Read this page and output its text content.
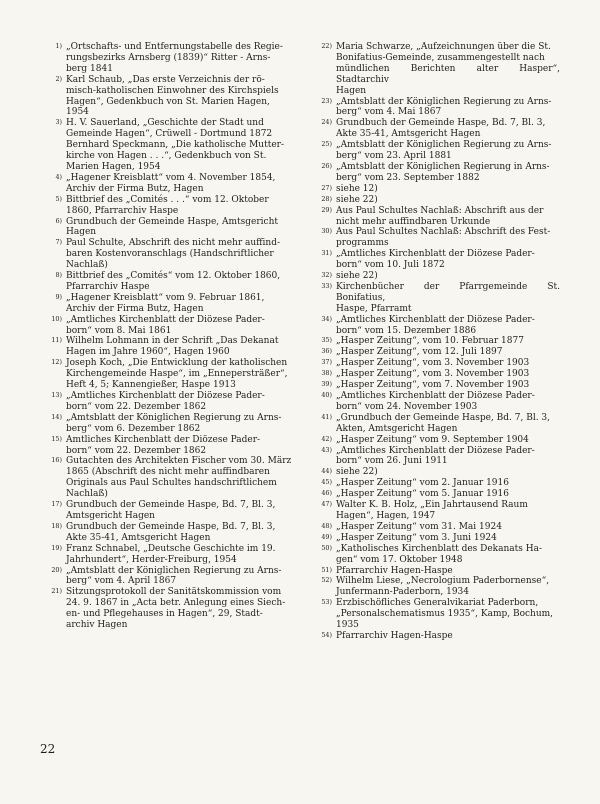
1) „Ortschafts- und Entfernungstabelle des Regie-
rungsbezirks Arnsberg (1839)“ Ritter - Arns-
berg 1841
2) Karl Schaub, „Das erste Verzeichnis der rö-
misch-katholischen Einwohner des Kirchspiels
Hagen“, Gedenkbuch von St. Marien Hagen,
1954
3) H. V. Sauerland, „Geschichte der Stadt und
Gemeinde Hagen“, Crüwell - Dortmund 1872
Bernhard Speckmann, „Die katholische Mutter-
kirche von Hagen . . .“, Gedenkbuch von St.
Marien Hagen, 1954
4) „Hagener Kreisblatt“ vom 4. November 1854,
Archiv der Firma Butz, Hagen
5) Bittbrief des „Comités . . .“ vom 12. Oktober
1860, Pfarrarchiv Haspe
6) Grundbuch der Gemeinde Haspe, Amtsgericht
Hagen
7) Paul Schulte, Abschrift des nicht mehr auffind-
baren Kostenvoranschlags (Handschriftlicher
Nachlaß)
8) Bittbrief des „Comités“ vom 12. Oktober 1860,
Pfarrarchiv Haspe
9) „Hagener Kreisblatt“ vom 9. Februar 1861,
Archiv der Firma Butz, Hagen
10) „Amtliches Kirchenblatt der Diözese Pader-
born“ vom 8. Mai 1861
11) Wilhelm Lohmann in der Schrift „Das Dekanat
Hagen im Jahre 1960“, Hagen 1960
12) Joseph Koch, „Die Entwicklung der katholischen
Kirchengemeinde Haspe“, im „Ennepersträßer“,
Heft 4, 5; Kannengießer, Haspe 1913
13) „Amtliches Kirchenblatt der Diözese Pader-
born“ vom 22. Dezember 1862
14) „Amtsblatt der Königlichen Regierung zu Arns-
berg“ vom 6. Dezember 1862
15) Amtliches Kirchenblatt der Diözese Pader-
born“ vom 22. Dezember 1862
16) Gutachten des Architekten Fischer vom 30. März
1865 (Abschrift des nicht mehr auffindbaren
Originals aus Paul Schultes handschriftlichem
Nachlaß)
17) Grundbuch der Gemeinde Haspe, Bd. 7, Bl. 3,
Amtsgericht Hagen
18) Grundbuch der Gemeinde Haspe, Bd. 7, Bl. 3,
Akte 35-41, Amtsgericht Hagen
19) Franz Schnabel, „Deutsche Geschichte im 19.
Jahrhundert“, Herder-Freiburg, 1954
20) „Amtsblatt der Königlichen Regierung zu Arns-
berg“ vom 4. April 1867
21) Sitzungsprotokoll der Sanitätskommission vom
24. 9. 1867 in „Acta betr. Anlegung eines Siech-
en- und Pflegehauses in Hagen“, 29, Stadt-
archiv Hagen
22) Maria Schwarze, „Aufzeichnungen über die St.
Bonifatius-Gemeinde, zusammengestellt nach
mündlichen Berichten alter Hasper“, Stadtarchiv
Hagen
23) „Amtsblatt der Königlichen Regierung zu Arns-
berg“ vom 4. Mai 1867
24) Grundbuch der Gemeinde Haspe, Bd. 7, Bl. 3,
Akte 35-41, Amtsgericht Hagen
25) „Amtsblatt der Königlichen Regierung zu Arns-
berg“ vom 23. April 1881
26) „Amtsblatt der Königlichen Regierung in Arns-
berg“ vom 23. September 1882
27) siehe 12)
28) siehe 22)
29) Aus Paul Schultes Nachlaß: Abschrift aus der
nicht mehr auffindbaren Urkunde
30) Aus Paul Schultes Nachlaß: Abschrift des Fest-
programms
31) „Amtliches Kirchenblatt der Diözese Pader-
born“ vom 10. Juli 1872
32) siehe 22)
33) Kirchenbücher der Pfarrgemeinde St. Bonifatius,
Haspe, Pfarramt
34) „Amtliches Kirchenblatt der Diözese Pader-
born“ vom 15. Dezember 1886
35) „Hasper Zeitung“, vom 10. Februar 1877
36) „Hasper Zeitung“, vom 12. Juli 1897
37) „Hasper Zeitung“, vom 3. November 1903
38) „Hasper Zeitung“, vom 3. November 1903
39) „Hasper Zeitung“, vom 7. November 1903
40) „Amtliches Kirchenblatt der Diözese Pader-
born“ vom 24. November 1903
41) „Grundbuch der Gemeinde Haspe, Bd. 7, Bl. 3,
Akten, Amtsgericht Hagen
42) „Hasper Zeitung“ vom 9. September 1904
43) „Amtliches Kirchenblatt der Diözese Pader-
born“ vom 26. Juni 1911
44) siehe 22)
45) „Hasper Zeitung“ vom 2. Januar 1916
46) „Hasper Zeitung“ vom 5. Januar 1916
47) Walter K. B. Holz, „Ein Jahrtausend Raum
Hagen“, Hagen, 1947
48) „Hasper Zeitung“ vom 31. Mai 1924
49) „Hasper Zeitung“ vom 3. Juni 1924
50) „Katholisches Kirchenblatt des Dekanats Ha-
gen“ vom 17. Oktober 1948
51) Pfarrarchiv Hagen-Haspe
52) Wilhelm Liese, „Necrologium Paderbornense“,
Junfermann-Paderborn, 1934
53) Erzbischöfliches Generalvikariat Paderborn,
„Personalschematismus 1935“, Kamp, Bochum,
1935
54) Pfarrarchiv Hagen-Haspe
22
